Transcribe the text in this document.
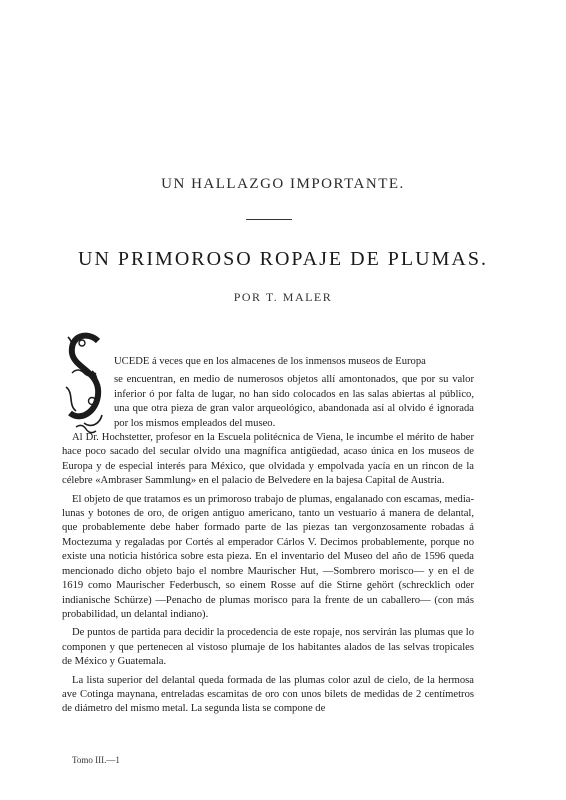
UN HALLAZGO IMPORTANTE.
UN PRIMOROSO ROPAJE DE PLUMAS.
POR T. MALER

UCEDE á veces que en los almacenes de los inmensos museos de Europa

se encuentran, en medio de numerosos objetos allí amontonados, que por su valor inferior ó por falta de lugar, no han sido colocados en las salas abiertas al público, una que otra pieza de gran valor arqueológico, abandonada así al olvido é ignorada por los mismos empleados del museo.

Al Dr. Hochstetter, profesor en la Escuela politécnica de Viena, le incumbe el mérito de haber hace poco sacado del secular olvido una magnífica antigüedad, acaso única en los museos de Europa y de especial interés para México, que olvidada y empolvada yacía en un rincon de la célebre «Ambraser Sammlung» en el palacio de Belvedere en la bajesa Capital de Austria.

El objeto de que tratamos es un primoroso trabajo de plumas, engalanado con escamas, media-lunas y botones de oro, de origen antiguo americano, tanto un vestuario á manera de delantal, que probablemente debe haber formado parte de las piezas tan vergonzosamente robadas á Moctezuma y regaladas por Cortés al emperador Cárlos V. Decimos probablemente, porque no existe una noticia histórica sobre esta pieza. En el inventario del Museo del año de 1596 queda mencionado dicho objeto bajo el nombre Maurischer Hut, —Sombrero morisco— y en el de 1619 como Maurischer Federbusch, so einem Rosse auf die Stirne gehört (schrecklich oder indianische Schürze) —Penacho de plumas morisco para la frente de un caballero— (con más probabilidad, un delantal indiano).

De puntos de partida para decidir la procedencia de este ropaje, nos servirán las plumas que lo componen y que pertenecen al vistoso plumaje de los habitantes alados de las selvas tropicales de México y Guatemala.

La lista superior del delantal queda formada de las plumas color azul de cielo, de la hermosa ave Cotinga maynana, entreladas escamitas de oro con unos bilets de medidas de 2 centímetros de diámetro del mismo metal. La segunda lista se compone de

Tomo III.—1
